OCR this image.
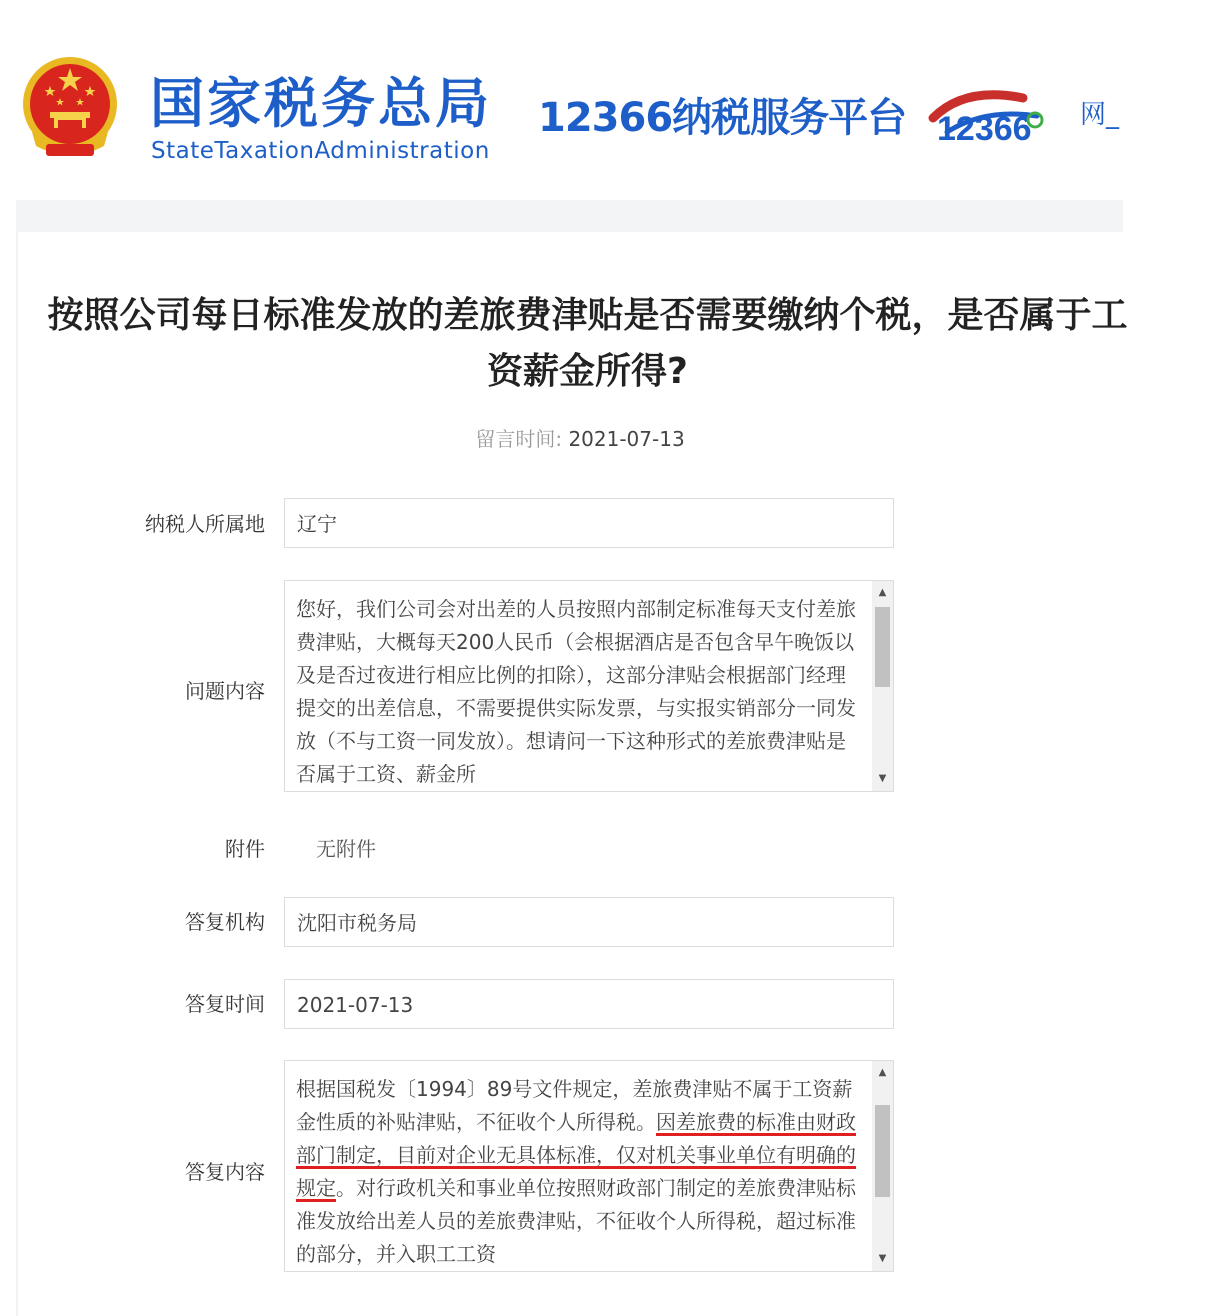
国家税务总局
StateTaxationAdministration
12366纳税服务平台 12366 网_
按照公司每日标准发放的差旅费津贴是否需要缴纳个税，是否属于工资薪金所得?
留言时间: 2021-07-13
纳税人所属地 辽宁
问题内容
您好，我们公司会对出差的人员按照内部制定标准每天支付差旅费津贴，大概每天200人民币（会根据酒店是否包含早午晚饭以及是否过夜进行相应比例的扣除），这部分津贴会根据部门经理提交的出差信息，不需要提供实际发票，与实报实销部分一同发放（不与工资一同发放）。想请问一下这种形式的差旅费津贴是否属于工资、薪金所
▲
▼
附件	无附件
答复机构 沈阳市税务局
答复时间 2021-07-13
答复内容
根据国税发〔1994〕89号文件规定，差旅费津贴不属于工资薪金性质的补贴津贴，不征收个人所得税。因差旅费的标准由财政部门制定，目前对企业无具体标准，仅对机关事业单位有明确的规定。对行政机关和事业单位按照财政部门制定的差旅费津贴标准发放给出差人员的差旅费津贴，不征收个人所得税，超过标准的部分，并入职工工资
▲
▼
